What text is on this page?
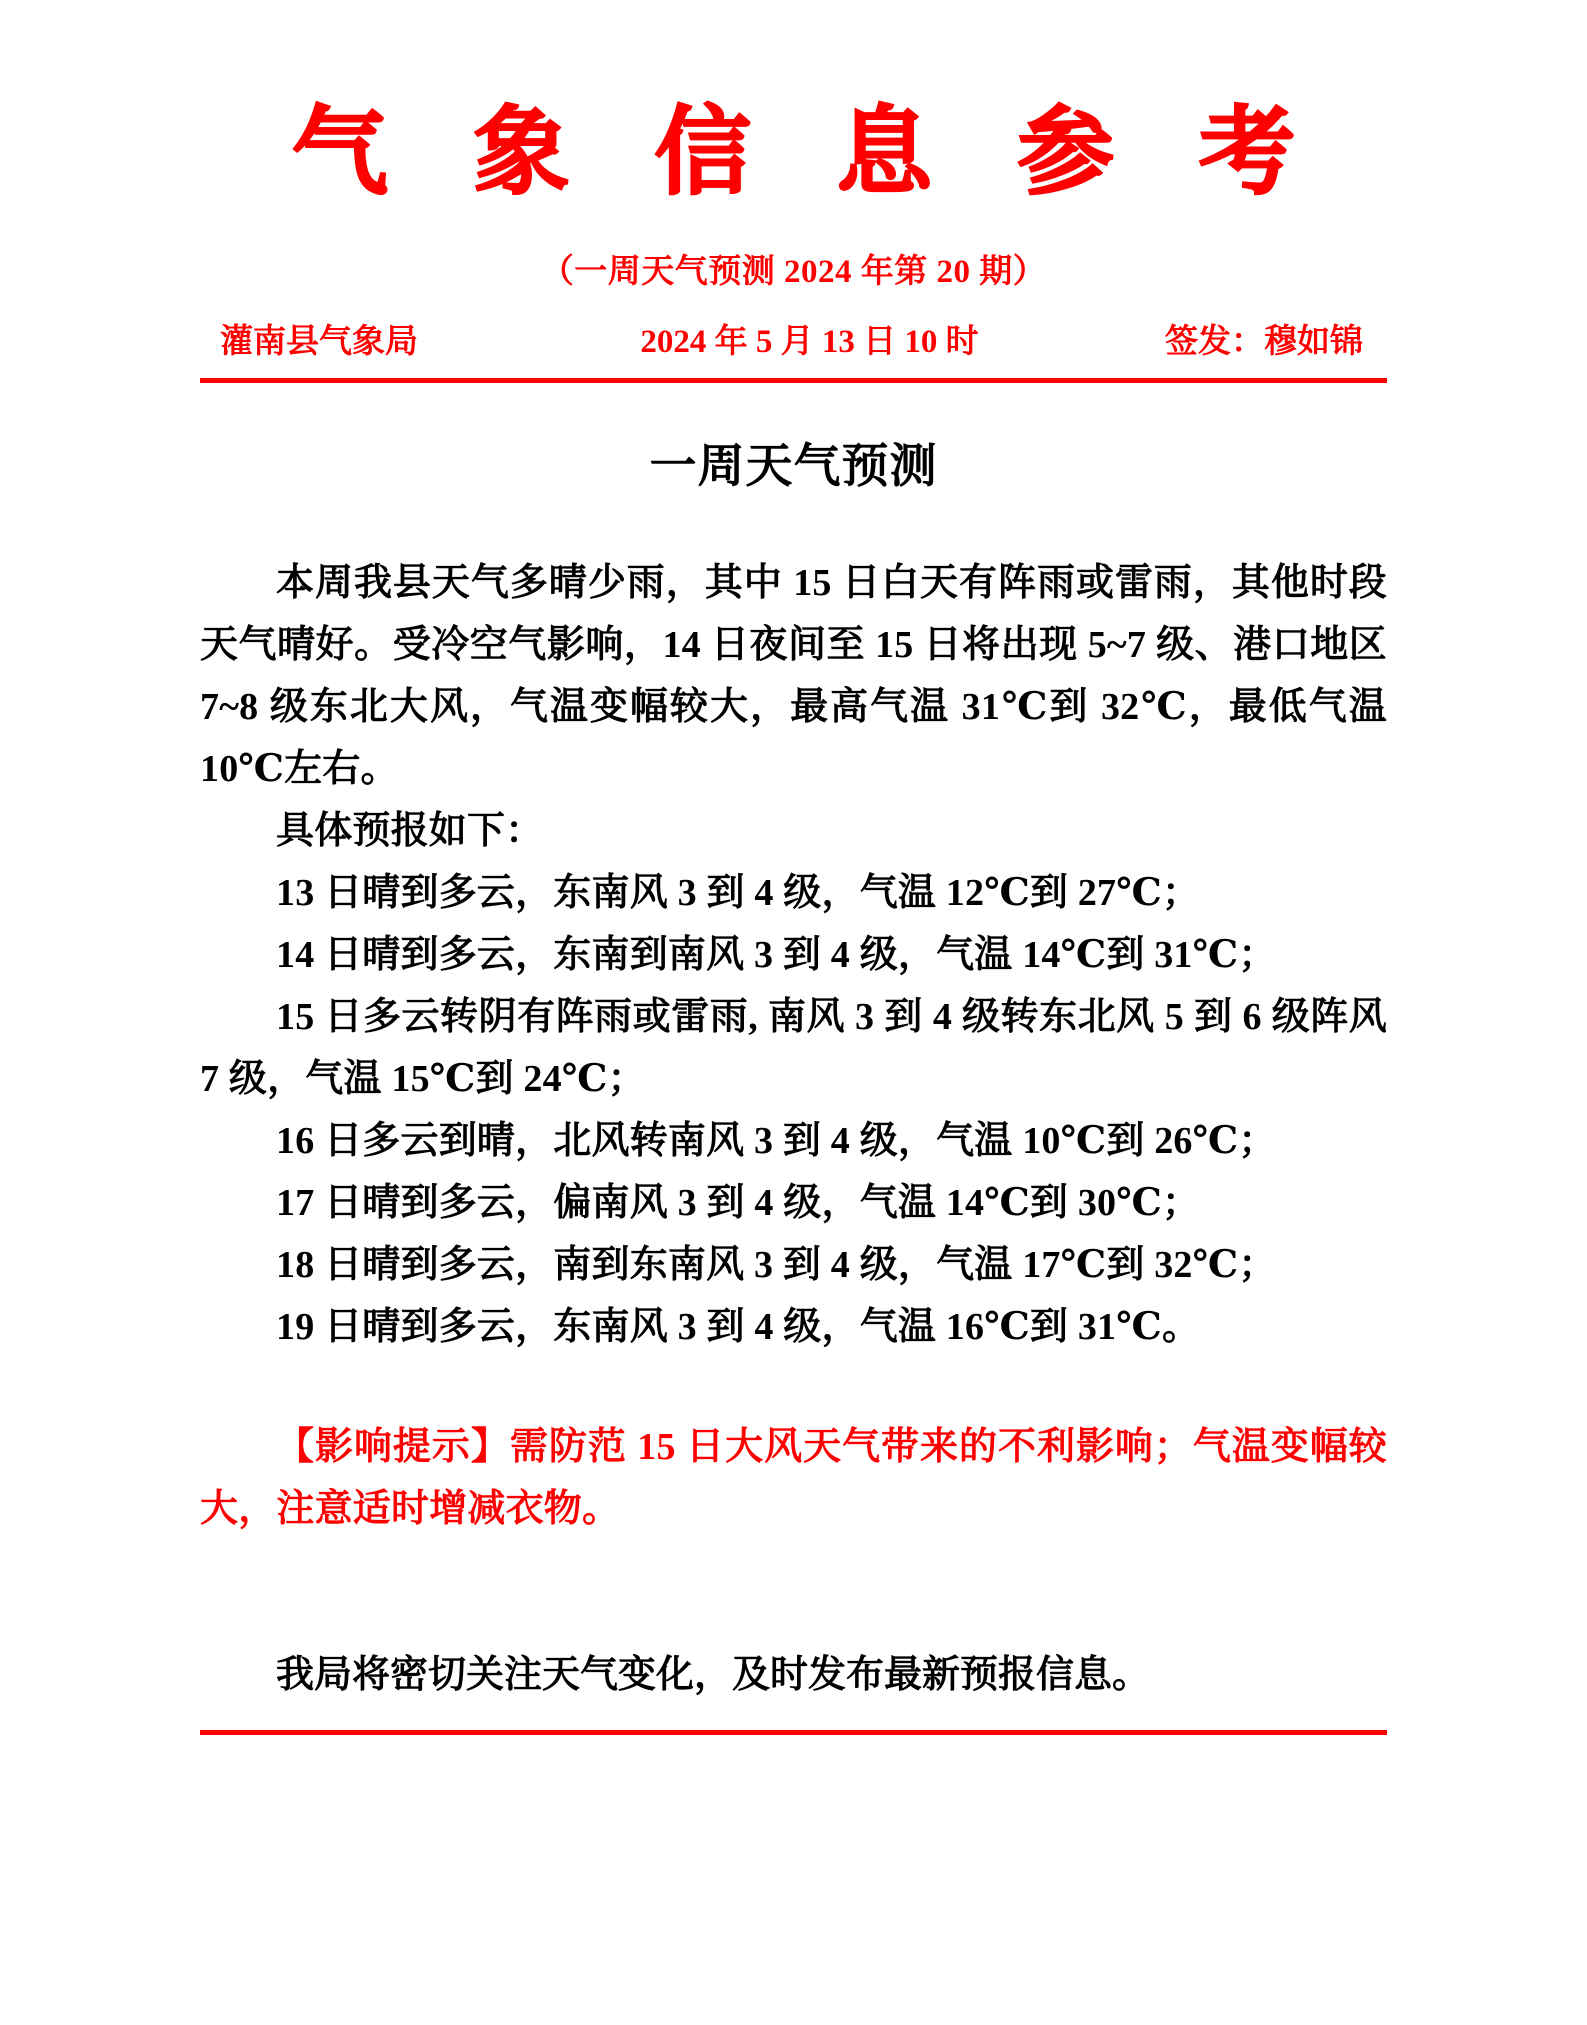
气 象 信 息 参 考
（一周天气预测 2024 年第 20 期）
灌南县气象局	2024 年 5 月 13 日 10 时	签发：穆如锦
一周天气预测

本周我县天气多晴少雨，其中 15 日白天有阵雨或雷雨，其他时段天气晴好。受冷空气影响，14 日夜间至 15 日将出现 5~7 级、港口地区 7~8 级东北大风，气温变幅较大，最高气温 31℃到 32℃，最低气温 10℃左右。

具体预报如下：

13 日晴到多云，东南风 3 到 4 级，气温 12℃到 27℃；

14 日晴到多云，东南到南风 3 到 4 级，气温 14℃到 31℃；

15 日多云转阴有阵雨或雷雨, 南风 3 到 4 级转东北风 5 到 6 级阵风 7 级，气温 15℃到 24℃；

16 日多云到晴，北风转南风 3 到 4 级，气温 10℃到 26℃；

17 日晴到多云，偏南风 3 到 4 级，气温 14℃到 30℃；

18 日晴到多云，南到东南风 3 到 4 级，气温 17℃到 32℃；

19 日晴到多云，东南风 3 到 4 级，气温 16℃到 31℃。

【影响提示】需防范 15 日大风天气带来的不利影响；气温变幅较大，注意适时增减衣物。

我局将密切关注天气变化，及时发布最新预报信息。
